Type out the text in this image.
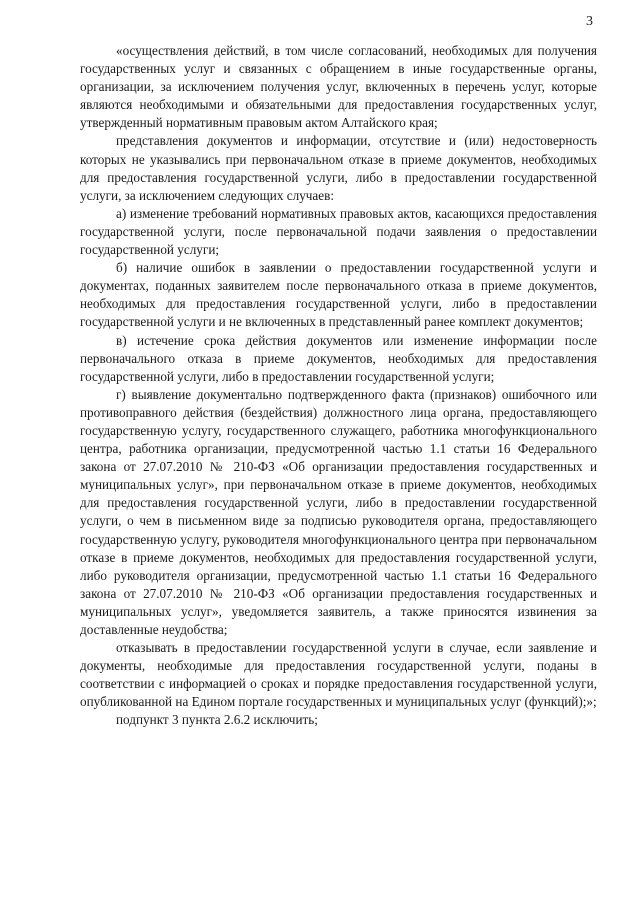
3

«осуществления действий, в том числе согласований, необходимых для получения государственных услуг и связанных с обращением в иные государственные органы, организации, за исключением получения услуг, включенных в перечень услуг, которые являются необходимыми и обязательными для предоставления государственных услуг, утвержденный нормативным правовым актом Алтайского края;

представления документов и информации, отсутствие и (или) недостоверность которых не указывались при первоначальном отказе в приеме документов, необходимых для предоставления государственной услуги, либо в предоставлении государственной услуги, за исключением следующих случаев:

а) изменение требований нормативных правовых актов, касающихся предоставления государственной услуги, после первоначальной подачи заявления о предоставлении государственной услуги;

б) наличие ошибок в заявлении о предоставлении государственной услуги и документах, поданных заявителем после первоначального отказа в приеме документов, необходимых для предоставления государственной услуги, либо в предоставлении государственной услуги и не включенных в представленный ранее комплект документов;

в) истечение срока действия документов или изменение информации после первоначального отказа в приеме документов, необходимых для предоставления государственной услуги, либо в предоставлении государственной услуги;

г) выявление документально подтвержденного факта (признаков) ошибочного или противоправного действия (бездействия) должностного лица органа, предоставляющего государственную услугу, государственного служащего, работника многофункционального центра, работника организации, предусмотренной частью 1.1 статьи 16 Федерального закона от 27.07.2010 № 210-ФЗ «Об организации предоставления государственных и муниципальных услуг», при первоначальном отказе в приеме документов, необходимых для предоставления государственной услуги, либо в предоставлении государственной услуги, о чем в письменном виде за подписью руководителя органа, предоставляющего государственную услугу, руководителя многофункционального центра при первоначальном отказе в приеме документов, необходимых для предоставления государственной услуги, либо руководителя организации, предусмотренной частью 1.1 статьи 16 Федерального закона от 27.07.2010 № 210-ФЗ «Об организации предоставления государственных и муниципальных услуг», уведомляется заявитель, а также приносятся извинения за доставленные неудобства;

отказывать в предоставлении государственной услуги в случае, если заявление и документы, необходимые для предоставления государственной услуги, поданы в соответствии с информацией о сроках и порядке предоставления государственной услуги, опубликованной на Едином портале государственных и муниципальных услуг (функций);»;

подпункт 3 пункта 2.6.2 исключить;
